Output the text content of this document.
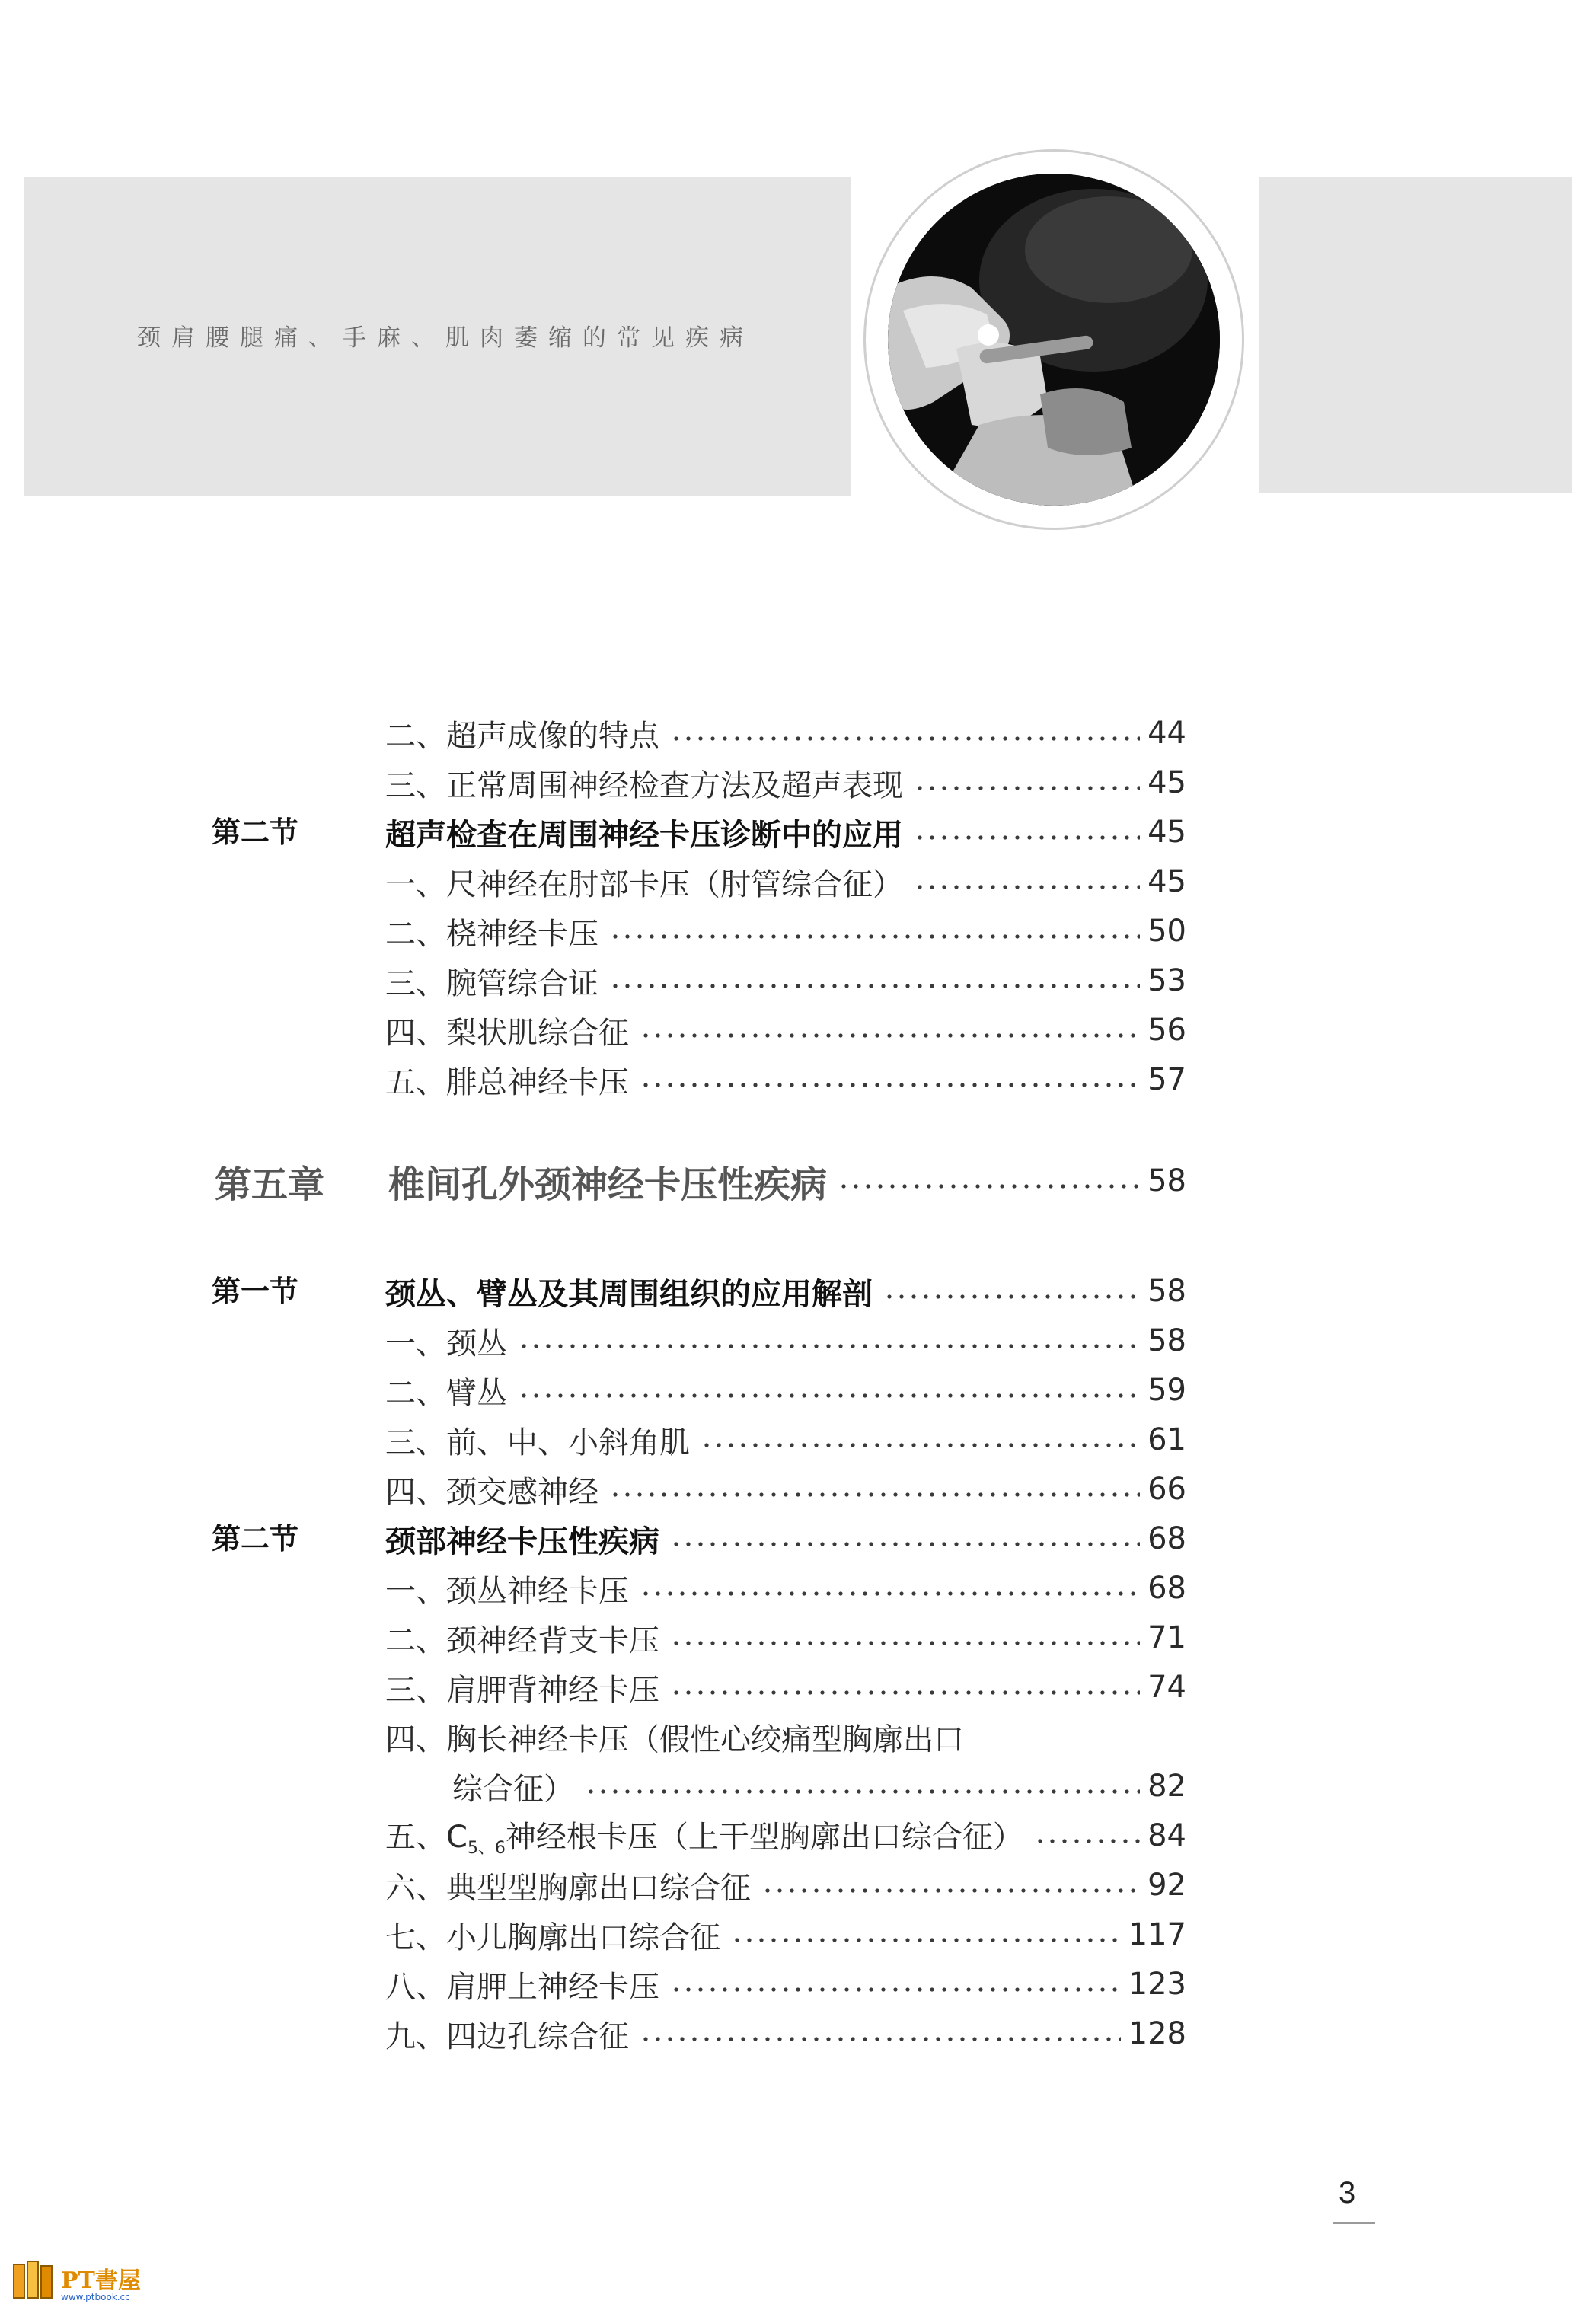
颈肩腰腿痛、手麻、肌肉萎缩的常见疾病
二、超声成像的特点	44
三、正常周围神经检查方法及超声表现	45
第二节	超声检查在周围神经卡压诊断中的应用	45
一、尺神经在肘部卡压（肘管综合征）	45
二、桡神经卡压	50
三、腕管综合证	53
四、梨状肌综合征	56
五、腓总神经卡压	57
第五章	椎间孔外颈神经卡压性疾病	58
第一节	颈丛、臂丛及其周围组织的应用解剖	58
一、颈丛	58
二、臂丛	59
三、前、中、小斜角肌	61
四、颈交感神经	66
第二节	颈部神经卡压性疾病	68
一、颈丛神经卡压	68
二、颈神经背支卡压	71
三、肩胛背神经卡压	74
四、胸长神经卡压（假性心绞痛型胸廓出口
综合征）	82
五、$C_{5、6}$神经根卡压（上干型胸廓出口综合征）	84
六、典型型胸廓出口综合征	92
七、小儿胸廓出口综合征	117
八、肩胛上神经卡压	123
九、四边孔综合征	128
3
PT書屋
www.ptbook.cc
